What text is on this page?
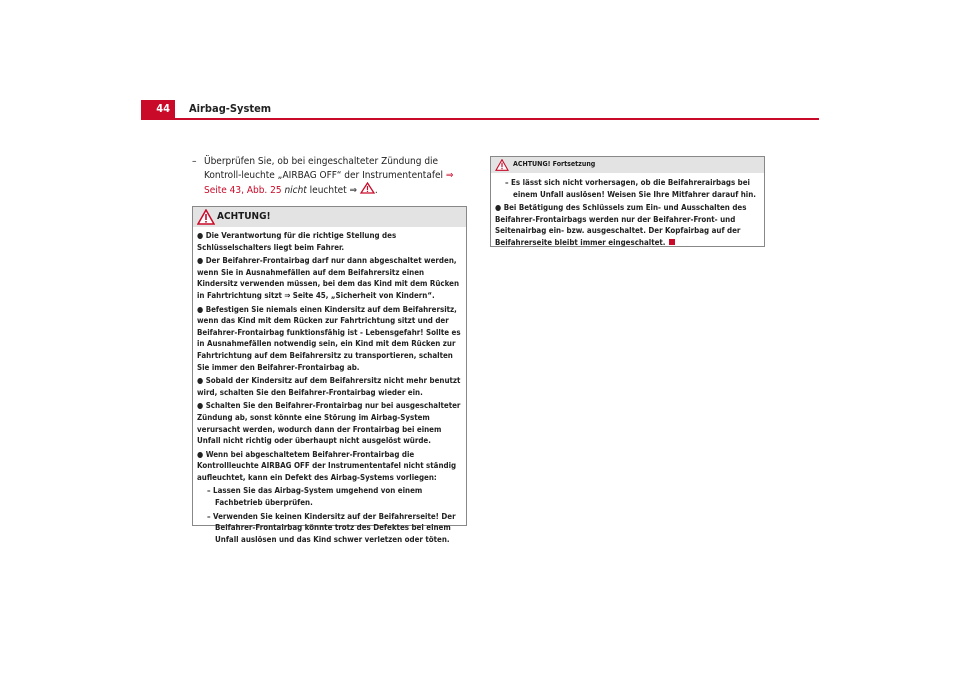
44	Airbag-System
– Überprüfen Sie, ob bei eingeschalteter Zündung die Kontroll-leuchte „AIRBAG OFF“ der Instrumententafel ⇒ Seite 43, Abb. 25 nicht leuchtet ⇒ .
ACHTUNG!
● Die Verantwortung für die richtige Stellung des Schlüsselschalters liegt beim Fahrer.
● Der Beifahrer-Frontairbag darf nur dann abgeschaltet werden, wenn Sie in Ausnahmefällen auf dem Beifahrersitz einen Kindersitz verwenden müssen, bei dem das Kind mit dem Rücken in Fahrtrichtung sitzt ⇒ Seite 45, „Sicherheit von Kindern“.
● Befestigen Sie niemals einen Kindersitz auf dem Beifahrersitz, wenn das Kind mit dem Rücken zur Fahrtrichtung sitzt und der Beifahrer-Frontairbag funktionsfähig ist - Lebensgefahr! Sollte es in Ausnahmefällen notwendig sein, ein Kind mit dem Rücken zur Fahrtrichtung auf dem Beifahrersitz zu transportieren, schalten Sie immer den Beifahrer-Frontairbag ab.
● Sobald der Kindersitz auf dem Beifahrersitz nicht mehr benutzt wird, schalten Sie den Beifahrer-Frontairbag wieder ein.
● Schalten Sie den Beifahrer-Frontairbag nur bei ausgeschalteter Zündung ab, sonst könnte eine Störung im Airbag-System verursacht werden, wodurch dann der Frontairbag bei einem Unfall nicht richtig oder überhaupt nicht ausgelöst würde.
● Wenn bei abgeschaltetem Beifahrer-Frontairbag die Kontrollleuchte AIRBAG OFF der Instrumententafel nicht ständig aufleuchtet, kann ein Defekt des Airbag-Systems vorliegen:
– Lassen Sie das Airbag-System umgehend von einem Fachbetrieb überprüfen.
– Verwenden Sie keinen Kindersitz auf der Beifahrerseite! Der Beifahrer-Frontairbag könnte trotz des Defektes bei einem Unfall auslösen und das Kind schwer verletzen oder töten.
ACHTUNG! Fortsetzung
– Es lässt sich nicht vorhersagen, ob die Beifahrerairbags bei einem Unfall auslösen! Weisen Sie Ihre Mitfahrer darauf hin.
● Bei Betätigung des Schlüssels zum Ein- und Ausschalten des Beifahrer-Frontairbags werden nur der Beifahrer-Front- und Seitenairbag ein- bzw. ausgeschaltet. Der Kopfairbag auf der Beifahrerseite bleibt immer eingeschaltet.
